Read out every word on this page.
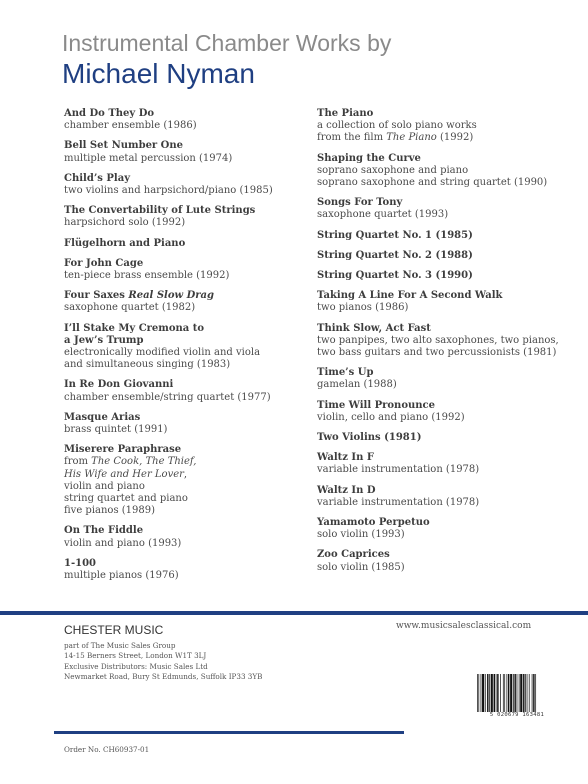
Instrumental Chamber Works by
Michael Nyman
And Do They Do
chamber ensemble (1986)
Bell Set Number One
multiple metal percussion (1974)
Child’s Play
two violins and harpsichord/piano (1985)
The Convertability of Lute Strings
harpsichord solo (1992)
Flügelhorn and Piano
For John Cage
ten-piece brass ensemble (1992)
Four Saxes Real Slow Drag
saxophone quartet (1982)
I’ll Stake My Cremona to
a Jew’s Trump
electronically modified violin and viola
and simultaneous singing (1983)
In Re Don Giovanni
chamber ensemble/string quartet (1977)
Masque Arias
brass quintet (1991)
Miserere Paraphrase
from The Cook, The Thief,
His Wife and Her Lover,
violin and piano
string quartet and piano
five pianos (1989)
On The Fiddle
violin and piano (1993)
1-100
multiple pianos (1976)
The Piano
a collection of solo piano works
from the film The Piano (1992)
Shaping the Curve
soprano saxophone and piano
soprano saxophone and string quartet (1990)
Songs For Tony
saxophone quartet (1993)
String Quartet No. 1 (1985)
String Quartet No. 2 (1988)
String Quartet No. 3 (1990)
Taking A Line For A Second Walk
two pianos (1986)
Think Slow, Act Fast
two panpipes, two alto saxophones, two pianos,
two bass guitars and two percussionists (1981)
Time’s Up
gamelan (1988)
Time Will Pronounce
violin, cello and piano (1992)
Two Violins (1981)
Waltz In F
variable instrumentation (1978)
Waltz In D
variable instrumentation (1978)
Yamamoto Perpetuo
solo violin (1993)
Zoo Caprices
solo violin (1985)
CHESTER MUSIC	www.musicsalesclassical.com
part of The Music Sales Group
14-15 Berners Street, London W1T 3LJ
Exclusive Distributors: Music Sales Ltd
Newmarket Road, Bury St Edmunds, Suffolk IP33 3YB
5 020679 163481
Order No. CH60937-01
